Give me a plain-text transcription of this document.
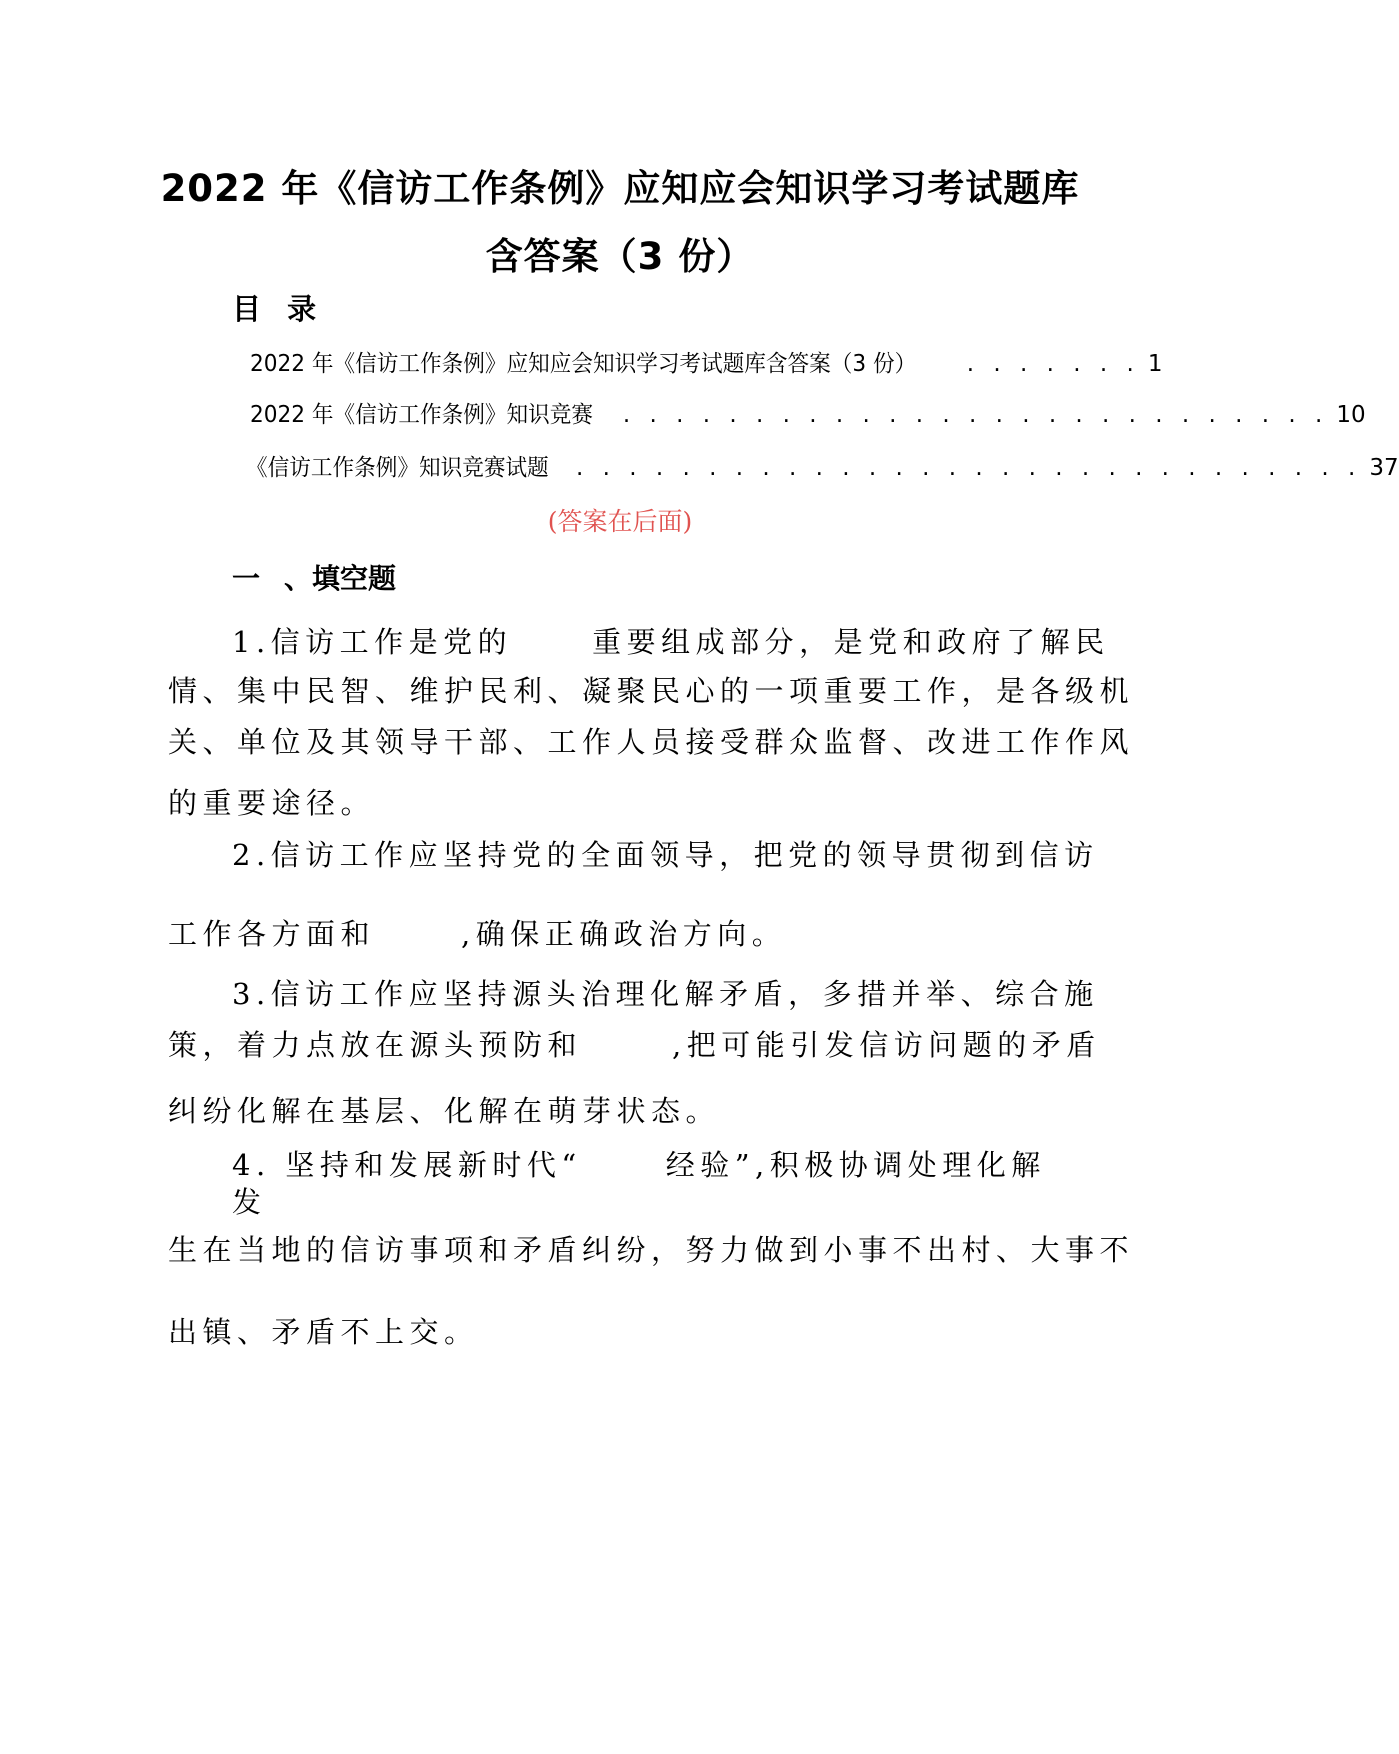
2022 年《信访工作条例》应知应会知识学习考试题库
含答案（3 份）
目 录
2022 年《信访工作条例》应知应会知识学习考试题库含答案（3 份） . . . . . . . 1
2022 年《信访工作条例》知识竞赛 . . . . . . . . . . . . . . . . . . . . . . . . . . . 10
《信访工作条例》知识竞赛试题 . . . . . . . . . . . . . . . . . . . . . . . . . . . . . . 37
(答案在后面)
一 、填空题
1.信访工作是党的	重要组成部分，是党和政府了解民
情、集中民智、维护民利、凝聚民心的一项重要工作，是各级机
关、单位及其领导干部、工作人员接受群众监督、改进工作作风
的重要途径。
2.信访工作应坚持党的全面领导，把党的领导贯彻到信访
工作各方面和	,确保正确政治方向。
3.信访工作应坚持源头治理化解矛盾，多措并举、综合施
策，着力点放在源头预防和	,把可能引发信访问题的矛盾
纠纷化解在基层、化解在萌芽状态。
4. 坚持和发展新时代“	经验”,积极协调处理化解
发
生在当地的信访事项和矛盾纠纷，努力做到小事不出村、大事不
出镇、矛盾不上交。
